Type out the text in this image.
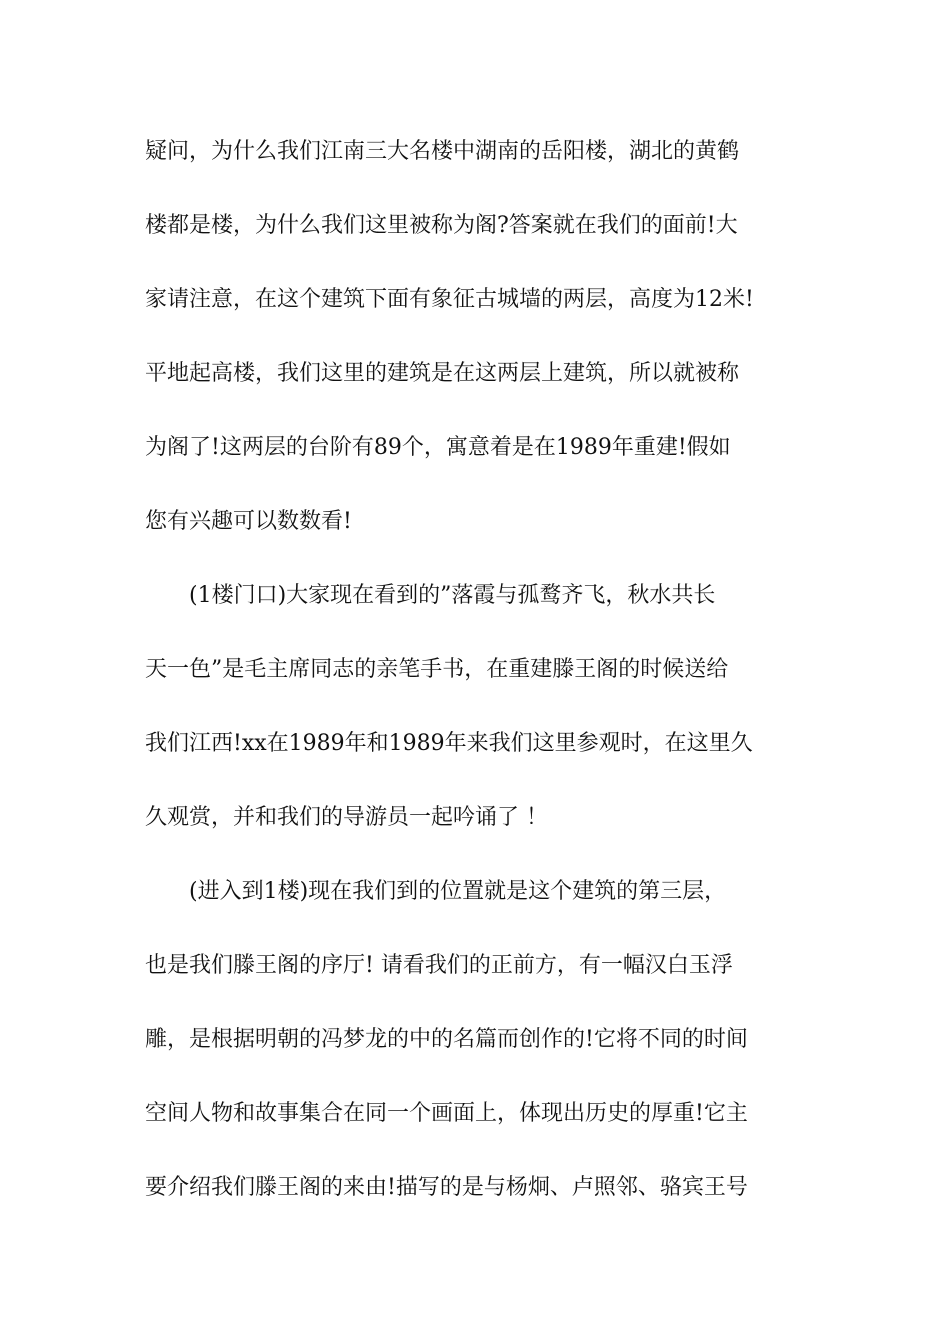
疑问，为什么我们江南三大名楼中湖南的岳阳楼，湖北的黄鹤
楼都是楼，为什么我们这里被称为阁?答案就在我们的面前!大
家请注意，在这个建筑下面有象征古城墙的两层，高度为12米!
平地起高楼，我们这里的建筑是在这两层上建筑，所以就被称
为阁了!这两层的台阶有89个，寓意着是在1989年重建!假如
您有兴趣可以数数看!
　　(1楼门口)大家现在看到的”落霞与孤鹜齐飞，秋水共长
天一色”是毛主席同志的亲笔手书，在重建滕王阁的时候送给
我们江西!xx在1989年和1989年来我们这里参观时，在这里久
久观赏，并和我们的导游员一起吟诵了 ！
　　(进入到1楼)现在我们到的位置就是这个建筑的第三层，
也是我们滕王阁的序厅! 请看我们的正前方，有一幅汉白玉浮
雕，是根据明朝的冯梦龙的中的名篇而创作的!它将不同的时间
空间人物和故事集合在同一个画面上，体现出历史的厚重!它主
要介绍我们滕王阁的来由!描写的是与杨炯、卢照邻、骆宾王号
